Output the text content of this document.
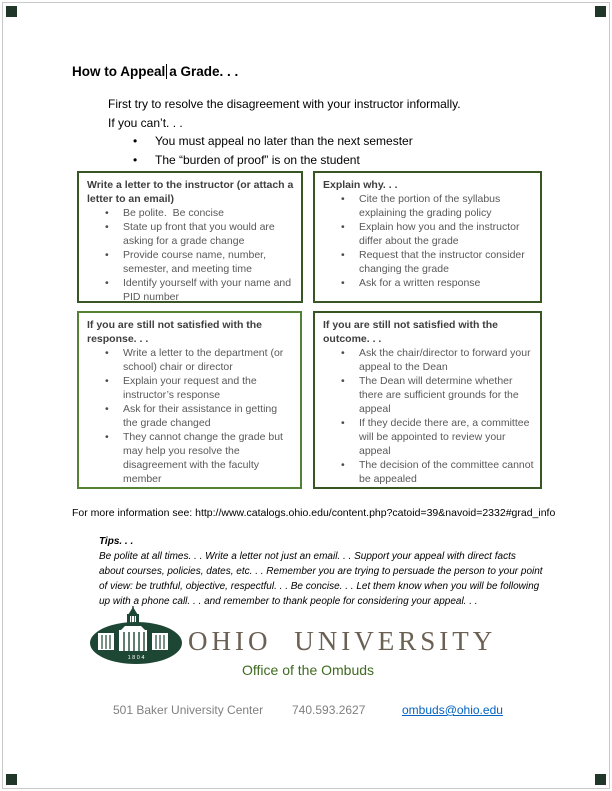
How to Appeal a Grade. . .
First try to resolve the disagreement with your instructor informally.
If you can’t. . .
•	You must appeal no later than the next semester
•	The “burden of proof” is on the student
Write a letter to the instructor (or attach a letter to an email)
•	Be polite.  Be concise
•	State up front that you would are asking for a grade change
•	Provide course name, number, semester, and meeting time
•	Identify yourself with your name and PID number
Explain why. . .
•	Cite the portion of the syllabus explaining the grading policy
•	Explain how you and the instructor differ about the grade
•	Request that the instructor consider changing the grade
•	Ask for a written response
If you are still not satisfied with the response. . .
•	Write a letter to the department (or school) chair or director
•	Explain your request and the instructor’s response
•	Ask for their assistance in getting the grade changed
•	They cannot change the grade but may help you resolve the disagreement with the faculty member
If you are still not satisfied with the outcome. . .
•	Ask the chair/director to forward your appeal to the Dean
•	The Dean will determine whether there are sufficient grounds for the appeal
•	If they decide there are, a committee will be appointed to review your appeal
•	The decision of the committee cannot be appealed
For more information see: http://www.catalogs.ohio.edu/content.php?catoid=39&navoid=2332#grad_info
Tips. . .
Be polite at all times. . . Write a letter not just an email. . . Support your appeal with direct facts about courses, policies, dates, etc. . . Remember you are trying to persuade the person to your point of view: be truthful, objective, respectful. . . Be concise. . . Let them know when you will be following up with a phone call. . . and remember to thank people for considering your appeal. . .
1 8 0 4
OHIO UNIVERSITY
Office of the Ombuds
501 Baker University Center 740.593.2627	ombuds@ohio.edu
